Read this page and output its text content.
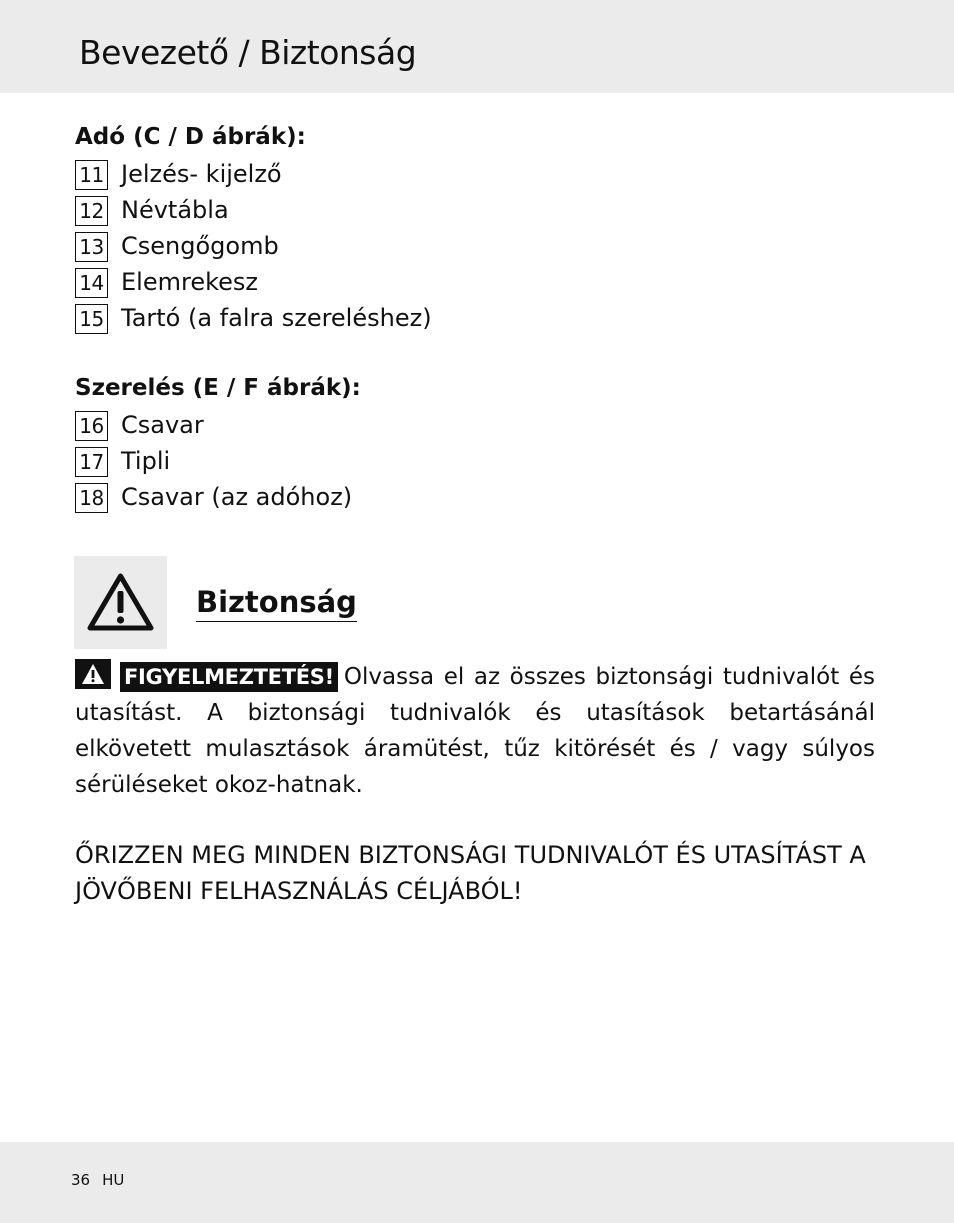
Bevezető / Biztonság
Adó (C / D ábrák):
11 Jelzés- kijelző
12 Névtábla
13 Csengőgomb
14 Elemrekesz
15 Tartó (a falra szereléshez)
Szerelés (E / F ábrák):
16 Csavar
17 Tipli
18 Csavar (az adóhoz)
Biztonság

FIGYELMEZTETÉS! Olvassa el az összes biztonsági tudnivalót és utasítást. A biztonsági tudnivalók és utasítások betartásánál elkövetett mulasztások áramütést, tűz kitörését és / vagy súlyos sérüléseket okoz-hatnak.

ŐRIZZEN MEG MINDEN BIZTONSÁGI TUDNIVALÓT ÉS UTASÍTÁST A JÖVŐBENI FELHASZNÁLÁS CÉLJÁBÓL!

36 HU
